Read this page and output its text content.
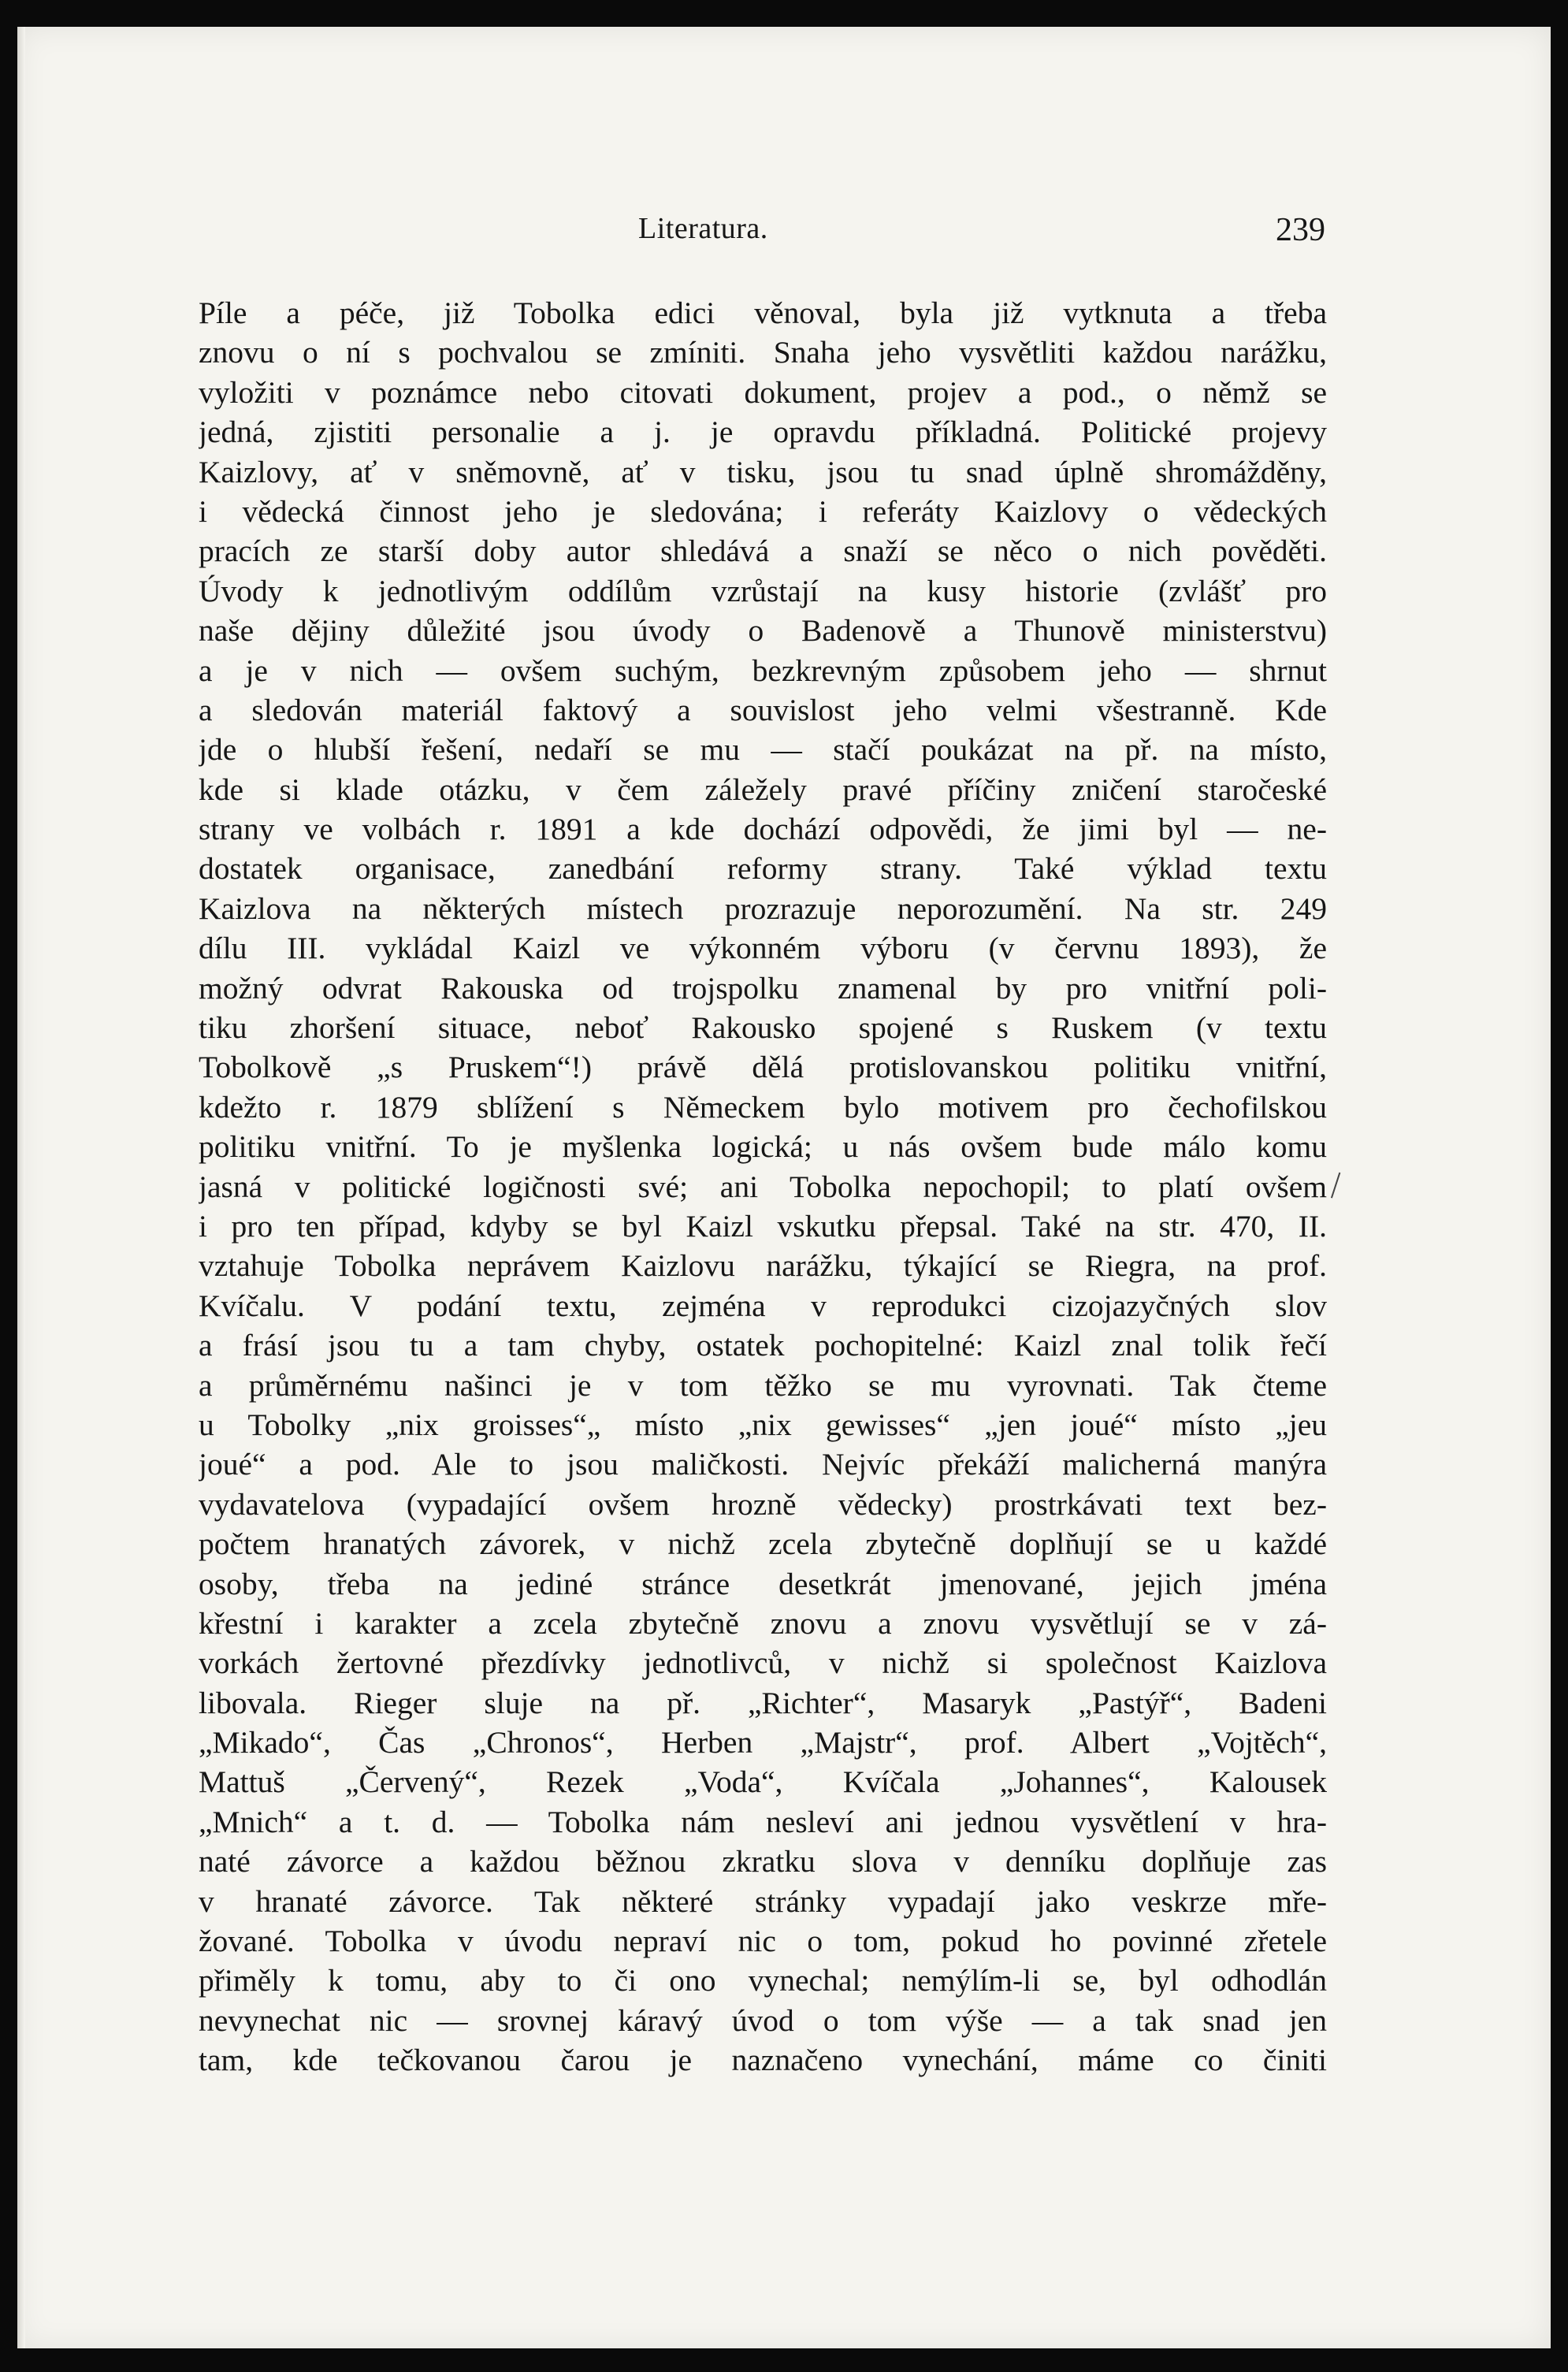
Literatura.	239
Píle a péče, již Tobolka edici věnoval, byla již vytknuta a třeba
znovu o ní s pochvalou se zmíniti. Snaha jeho vysvětliti každou narážku,
vyložiti v poznámce nebo citovati dokument, projev a pod., o němž se
jedná, zjistiti personalie a j. je opravdu příkladná. Politické projevy
Kaizlovy, ať v sněmovně, ať v tisku, jsou tu snad úplně shromážděny,
i vědecká činnost jeho je sledována; i referáty Kaizlovy o vědeckých
pracích ze starší doby autor shledává a snaží se něco o nich pověděti.
Úvody k jednotlivým oddílům vzrůstají na kusy historie (zvlášť pro
naše dějiny důležité jsou úvody o Badenově a Thunově ministerstvu)
a je v nich — ovšem suchým, bezkrevným způsobem jeho — shrnut
a sledován materiál faktový a souvislost jeho velmi všestranně. Kde
jde o hlubší řešení, nedaří se mu — stačí poukázat na př. na místo,
kde si klade otázku, v čem záležely pravé příčiny zničení staročeské
strany ve volbách r. 1891 a kde dochází odpovědi, že jimi byl — ne-
dostatek organisace, zanedbání reformy strany. Také výklad textu
Kaizlova na některých místech prozrazuje neporozumění. Na str. 249
dílu III. vykládal Kaizl ve výkonném výboru (v červnu 1893), že
možný odvrat Rakouska od trojspolku znamenal by pro vnitřní poli-
tiku zhoršení situace, neboť Rakousko spojené s Ruskem (v textu
Tobolkově „s Pruskem“!) právě dělá protislovanskou politiku vnitřní,
kdežto r. 1879 sblížení s Německem bylo motivem pro čechofilskou
politiku vnitřní. To je myšlenka logická; u nás ovšem bude málo komu
jasná v politické logičnosti své; ani Tobolka nepochopil; to platí ovšem
i pro ten případ, kdyby se byl Kaizl vskutku přepsal. Také na str. 470, II.
vztahuje Tobolka neprávem Kaizlovu narážku, týkající se Riegra, na prof.
Kvíčalu. V podání textu, zejména v reprodukci cizojazyčných slov
a frásí jsou tu a tam chyby, ostatek pochopitelné: Kaizl znal tolik řečí
a průměrnému našinci je v tom těžko se mu vyrovnati. Tak čteme
u Tobolky „nix groisses“„ místo „nix gewisses“ „jen joué“ místo „jeu
joué“ a pod. Ale to jsou maličkosti. Nejvíc překáží malicherná manýra
vydavatelova (vypadající ovšem hrozně vědecky) prostrkávati text bez-
počtem hranatých závorek, v nichž zcela zbytečně doplňují se u každé
osoby, třeba na jediné stránce desetkrát jmenované, jejich jména
křestní i karakter a zcela zbytečně znovu a znovu vysvětlují se v zá-
vorkách žertovné přezdívky jednotlivců, v nichž si společnost Kaizlova
libovala. Rieger sluje na př. „Richter“, Masaryk „Pastýř“, Badeni
„Mikado“, Čas „Chronos“, Herben „Majstr“, prof. Albert „Vojtěch“,
Mattuš „Červený“, Rezek „Voda“, Kvíčala „Johannes“, Kalousek
„Mnich“ a t. d. — Tobolka nám nesleví ani jednou vysvětlení v hra-
naté závorce a každou běžnou zkratku slova v denníku doplňuje zas
v hranaté závorce. Tak některé stránky vypadají jako veskrze mře-
žované. Tobolka v úvodu nepraví nic o tom, pokud ho povinné zřetele
přiměly k tomu, aby to či ono vynechal; nemýlím-li se, byl odhodlán
nevynechat nic — srovnej káravý úvod o tom výše — a tak snad jen
tam, kde tečkovanou čarou je naznačeno vynechání, máme co činiti
